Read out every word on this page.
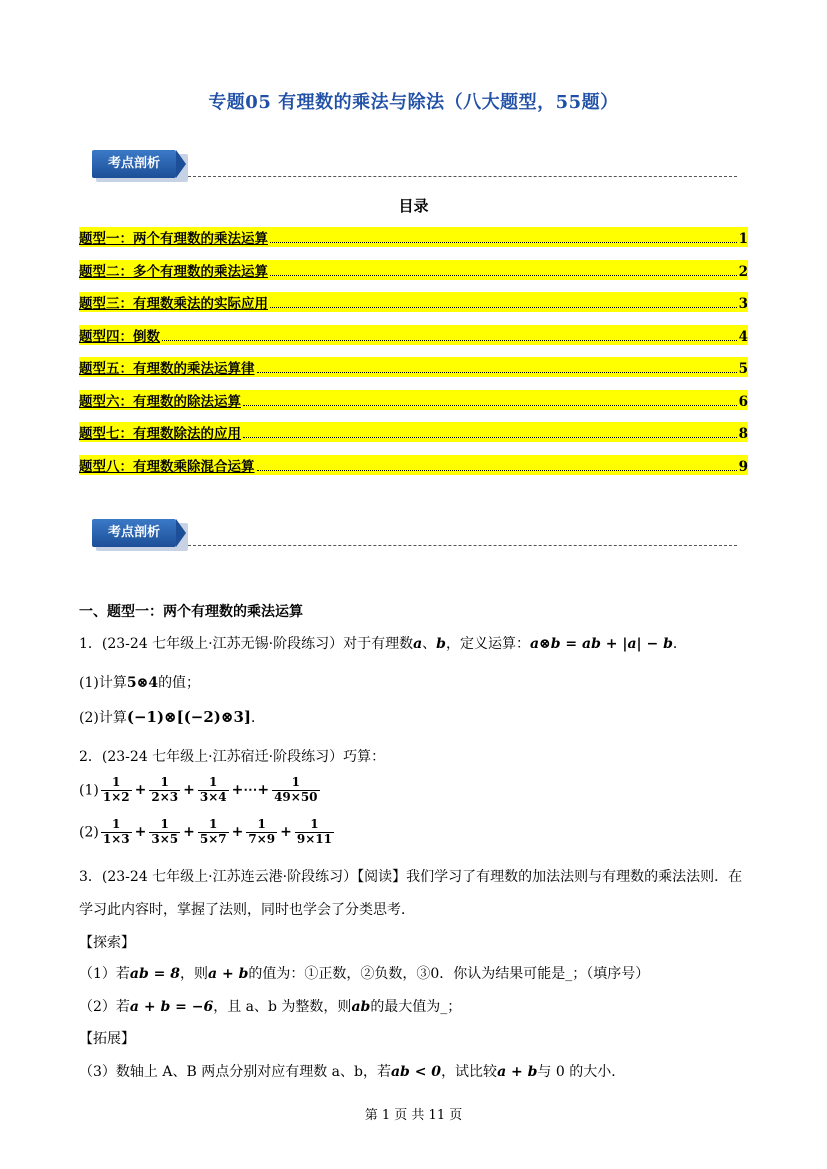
专题05 有理数的乘法与除法（八大题型，55题）
考点剖析
目录
题型一：两个有理数的乘法运算	1
题型二：多个有理数的乘法运算	2
题型三：有理数乘法的实际应用	3
题型四：倒数	4
题型五：有理数的乘法运算律	5
题型六：有理数的除法运算	6
题型七：有理数除法的应用	8
题型八：有理数乘除混合运算	9
考点剖析
一、题型一：两个有理数的乘法运算
1．(23-24 七年级上·江苏无锡·阶段练习）对于有理数a、b，定义运算：a⊗b = ab + |a| − b．
(1)计算5⊗4的值；
(2)计算(−1)⊗[(−2)⊗3]．
2．(23-24 七年级上·江苏宿迁·阶段练习）巧算：
$(1) \frac{1}{1\times 2} + \frac{1}{2\times 3} + \frac{1}{3\times 4}$ +⋯+ $\frac{1}{49\times 50}$
$(2) \frac{1}{1\times 3} + \frac{1}{3\times 5} + \frac{1}{5\times 7} + \frac{1}{7\times 9} + \frac{1}{9\times 11}$
3．(23-24 七年级上·江苏连云港·阶段练习）【阅读】我们学习了有理数的加法法则与有理数的乘法法则．在
学习此内容时，掌握了法则，同时也学会了分类思考．
【探索】
（1）若ab = 8，则a + b的值为：①正数，②负数，③0．你认为结果可能是_；（填序号）
（2）若a + b = −6，且 a、b 为整数，则ab的最大值为_；
【拓展】
（3）数轴上 A、B 两点分别对应有理数 a、b，若ab < 0，试比较a + b与 0 的大小．
第 1 页 共 11 页
